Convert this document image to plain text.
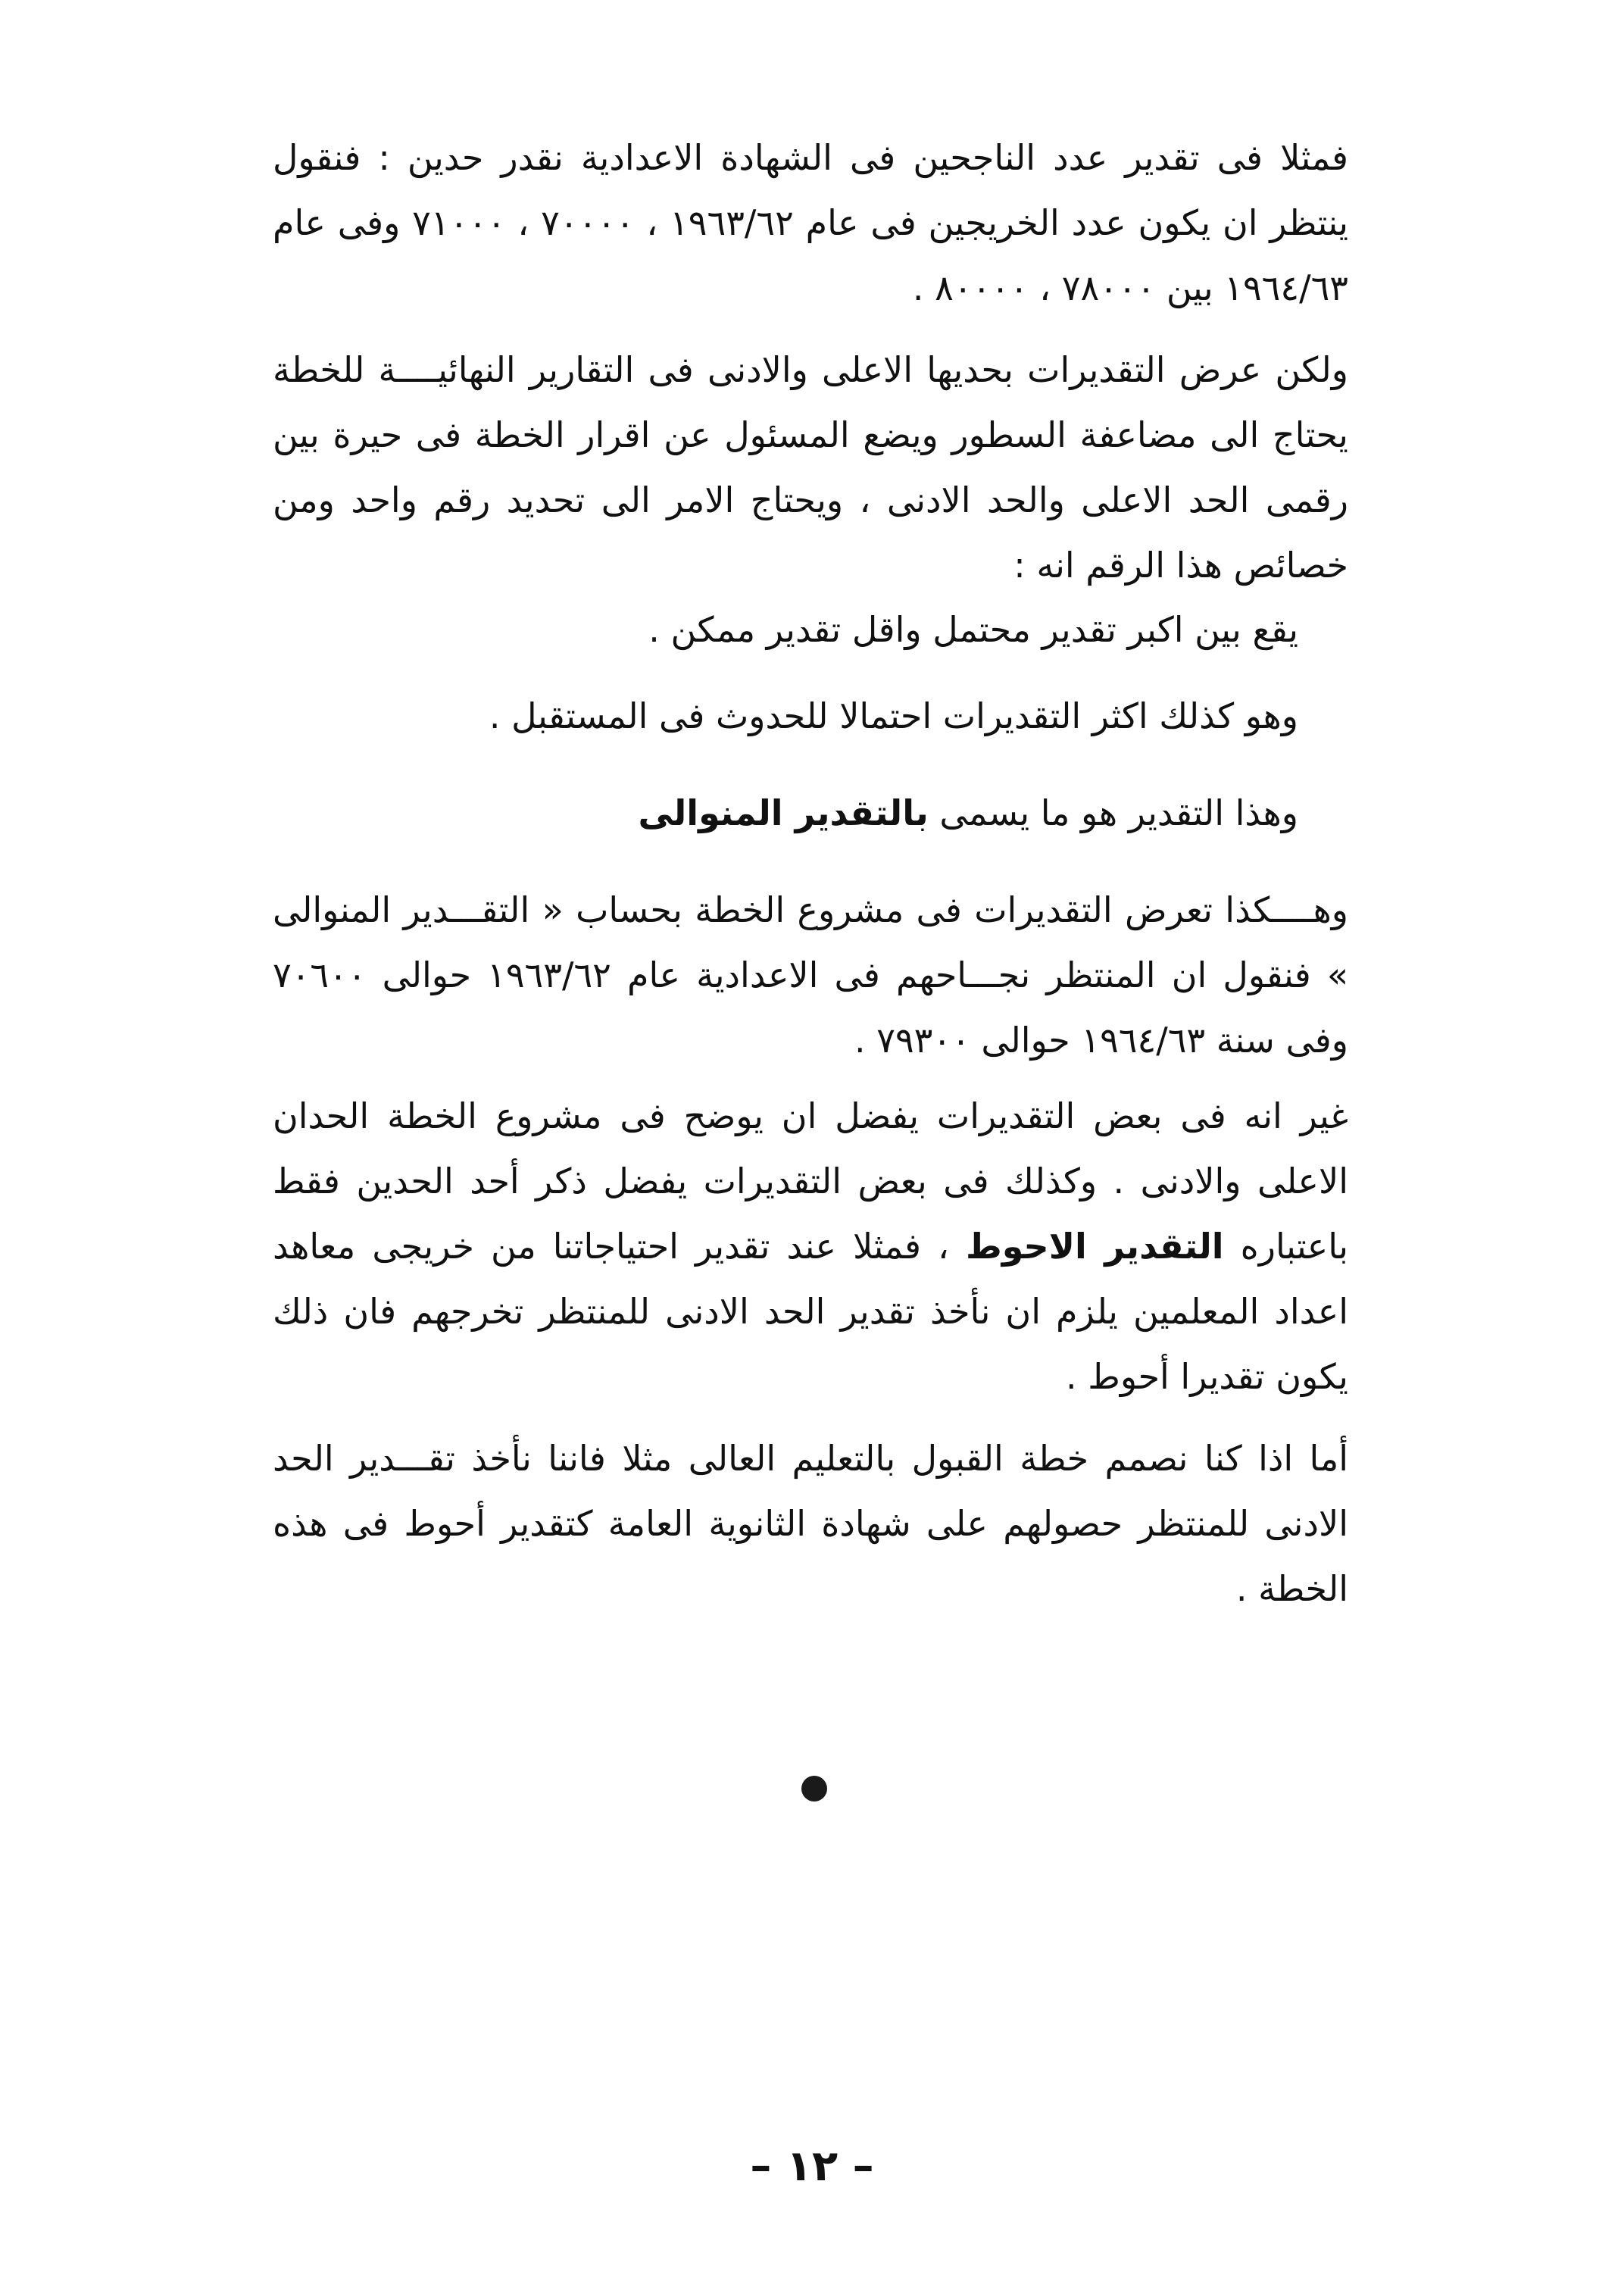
فمثلا فى تقدير عدد الناجحين فى الشهادة الاعدادية نقدر حدين : فنقول ينتظر ان يكون عدد الخريجين فى عام ١٩٦٣/٦٢ ، ٧٠٠٠٠ ، ٧١٠٠٠ وفى عام ١٩٦٤/٦٣ بين ٧٨٠٠٠ ، ٨٠٠٠٠ .

ولكن عرض التقديرات بحديها الاعلى والادنى فى التقارير النهائيــــة للخطة يحتاج الى مضاعفة السطور ويضع المسئول عن اقرار الخطة فى حيرة بين رقمى الحد الاعلى والحد الادنى ، ويحتاج الامر الى تحديد رقم واحد ومن خصائص هذا الرقم انه :

يقع بين اكبر تقدير محتمل واقل تقدير ممكن .

وهو كذلك اكثر التقديرات احتمالا للحدوث فى المستقبل .

وهذا التقدير هو ما يسمى بالتقدير المنوالى

وهــــكذا تعرض التقديرات فى مشروع الخطة بحساب « التقـــدير المنوالى » فنقول ان المنتظر نجـــاحهم فى الاعدادية عام ١٩٦٣/٦٢ حوالى ٧٠٦٠٠ وفى سنة ١٩٦٤/٦٣ حوالى ٧٩٣٠٠ .

غير انه فى بعض التقديرات يفضل ان يوضح فى مشروع الخطة الحدان الاعلى والادنى . وكذلك فى بعض التقديرات يفضل ذكر أحد الحدين فقط باعتباره التقدير الاحوط ، فمثلا عند تقدير احتياجاتنا من خريجى معاهد اعداد المعلمين يلزم ان نأخذ تقدير الحد الادنى للمنتظر تخرجهم فان ذلك يكون تقديرا أحوط .

أما اذا كنا نصمم خطة القبول بالتعليم العالى مثلا فاننا نأخذ تقـــدير الحد الادنى للمنتظر حصولهم على شهادة الثانوية العامة كتقدير أحوط فى هذه الخطة .

– ١٢ –
